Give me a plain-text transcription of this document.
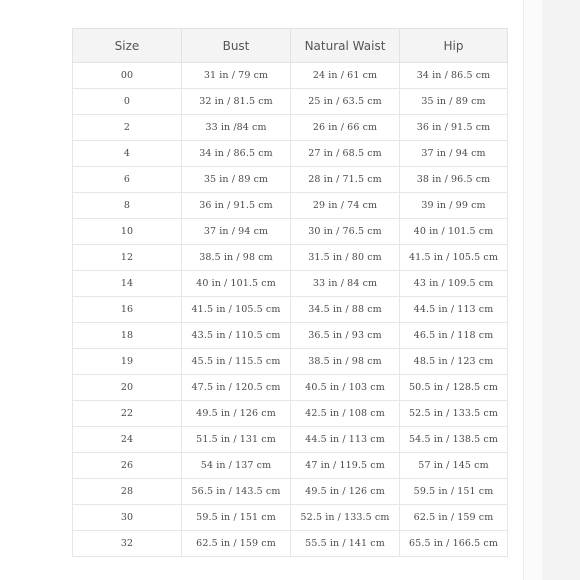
Size	Bust	Natural Waist	Hip
00	31 in / 79 cm	24 in / 61 cm	34 in / 86.5 cm
0	32 in / 81.5 cm	25 in / 63.5 cm	35 in / 89 cm
2	33 in /84 cm	26 in / 66 cm	36 in / 91.5 cm
4	34 in / 86.5 cm	27 in / 68.5 cm	37 in / 94 cm
6	35 in / 89 cm	28 in / 71.5 cm	38 in / 96.5 cm
8	36 in / 91.5 cm	29 in / 74 cm	39 in / 99 cm
10	37 in / 94 cm	30 in / 76.5 cm	40 in / 101.5 cm
12	38.5 in / 98 cm	31.5 in / 80 cm	41.5 in / 105.5 cm
14	40 in / 101.5 cm	33 in / 84 cm	43 in / 109.5 cm
16	41.5 in / 105.5 cm	34.5 in / 88 cm	44.5 in / 113 cm
18	43.5 in / 110.5 cm	36.5 in / 93 cm	46.5 in / 118 cm
19	45.5 in / 115.5 cm	38.5 in / 98 cm	48.5 in / 123 cm
20	47.5 in / 120.5 cm	40.5 in / 103 cm	50.5 in / 128.5 cm
22	49.5 in / 126 cm	42.5 in / 108 cm	52.5 in / 133.5 cm
24	51.5 in / 131 cm	44.5 in / 113 cm	54.5 in / 138.5 cm
26	54 in / 137 cm	47 in / 119.5 cm	57 in / 145 cm
28	56.5 in / 143.5 cm	49.5 in / 126 cm	59.5 in / 151 cm
30	59.5 in / 151 cm	52.5 in / 133.5 cm	62.5 in / 159 cm
32	62.5 in / 159 cm	55.5 in / 141 cm	65.5 in / 166.5 cm
